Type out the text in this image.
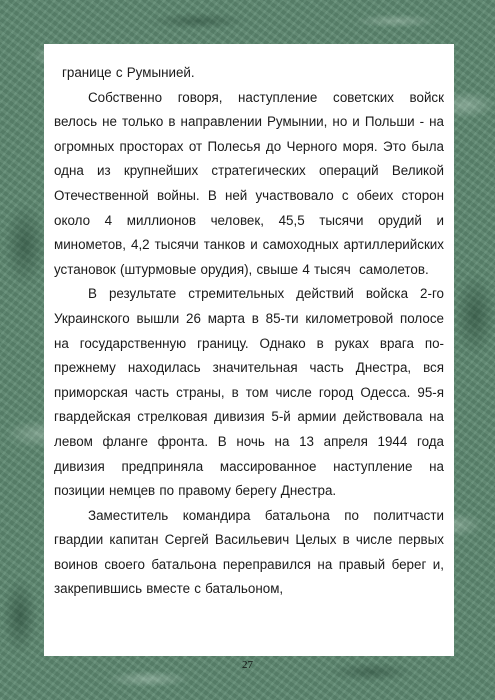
границе с Румынией.

Собственно говоря, наступление советских войск велось не только в направлении Румынии, но и Польши - на огромных просторах от Полесья до Черного моря. Это была одна из крупнейших стратегических операций Великой Отечественной войны. В ней участвовало с обеих сторон около 4 миллионов человек, 45,5 тысячи орудий и минометов, 4,2 тысячи танков и самоходных артиллерийских установок (штурмовые орудия), свыше 4 тысяч  самолетов.

В результате стремительных действий войска 2-го Украинского вышли 26 марта в 85-ти километровой полосе  на государственную границу. Однако в руках врага по- прежнему находилась значительная часть Днестра, вся  приморская часть страны, в том числе город Одесса. 95-я гвардейская стрелковая дивизия 5-й армии действовала на       левом фланге фронта. В ночь на 13 апреля 1944 года дивизия предприняла массированное наступление на     позиции немцев по правому берегу Днестра.

Заместитель командира батальона по политчасти гвардии капитан Сергей Васильевич Целых в числе первых воинов своего батальона переправился на правый берег и, закрепившись вместе с батальоном,

27
